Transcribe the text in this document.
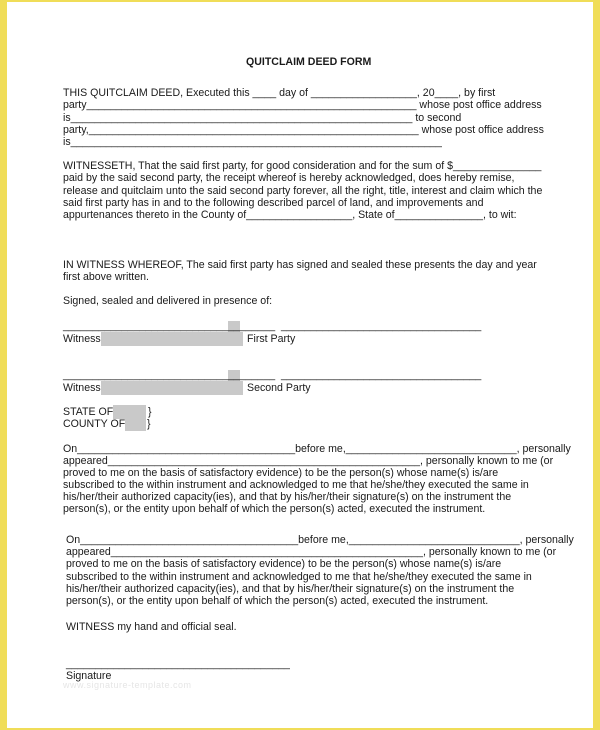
QUITCLAIM DEED FORM
THIS QUITCLAIM DEED, Executed this ____ day of __________________, 20____, by first
party________________________________________________________ whose post office address
is__________________________________________________________ to second
party,________________________________________________________ whose post office address
is_______________________________________________________________
WITNESSETH, That the said first party, for good consideration and for the sum of $_______________
paid by the said second party, the receipt whereof is hereby acknowledged, does hereby remise,
release and quitclaim unto the said second party forever, all the right, title, interest and claim which the
said first party has in and to the following described parcel of land, and improvements and
appurtenances thereto in the County of__________________, State of_______________, to wit:
IN WITNESS WHEREOF, The said first party has signed and sealed these presents the day and year
first above written.
Signed, sealed and delivered in presence of:
____________________________________  __________________________________
Witness	First Party
____________________________________  __________________________________
Witness	Second Party
STATE OF	}
COUNTY OF }
On_____________________________________before me,_____________________________, personally
appeared_____________________________________________________, personally known to me (or
proved to me on the basis of satisfactory evidence) to be the person(s) whose name(s) is/are
subscribed to the within instrument and acknowledged to me that he/she/they executed the same in
his/her/their authorized capacity(ies), and that by his/her/their signature(s) on the instrument the
person(s), or the entity upon behalf of which the person(s) acted, executed the instrument.
On_____________________________________before me,_____________________________, personally
appeared_____________________________________________________, personally known to me (or
proved to me on the basis of satisfactory evidence) to be the person(s) whose name(s) is/are
subscribed to the within instrument and acknowledged to me that he/she/they executed the same in
his/her/their authorized capacity(ies), and that by his/her/their signature(s) on the instrument the
person(s), or the entity upon behalf of which the person(s) acted, executed the instrument.
WITNESS my hand and official seal.
______________________________________
Signature
www.signature-template.com
